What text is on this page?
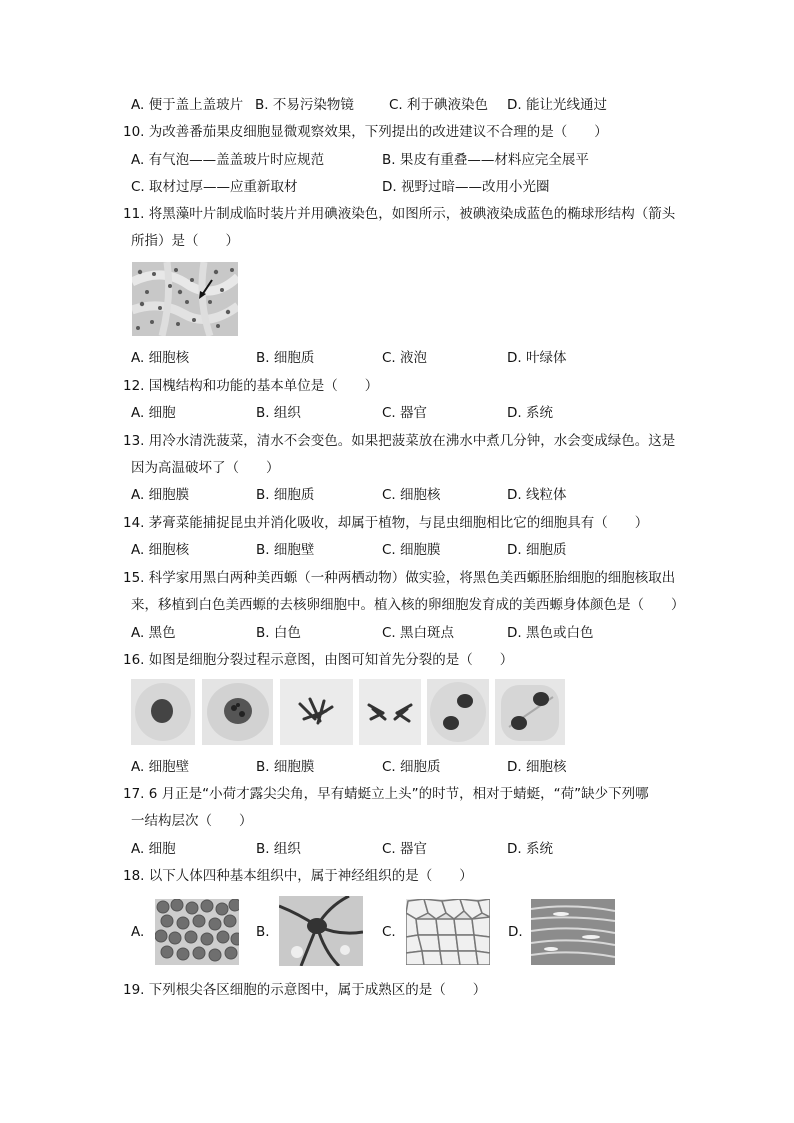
A. 便于盖上盖玻片 B. 不易污染物镜	C. 利于碘液染色 D. 能让光线通过
10. 为改善番茄果皮细胞显微观察效果，下列提出的改进建议不合理的是（　　）
A. 有气泡——盖盖玻片时应规范	B. 果皮有重叠——材料应完全展平
C. 取材过厚——应重新取材	D. 视野过暗——改用小光圈
11. 将黑藻叶片制成临时装片并用碘液染色，如图所示，被碘液染成蓝色的椭球形结构（箭头
所指）是（　　）
A. 细胞核	B. 细胞质	C. 液泡	D. 叶绿体
12. 国槐结构和功能的基本单位是（　　）
A. 细胞	B. 组织	C. 器官	D. 系统
13. 用冷水清洗菠菜，清水不会变色。如果把菠菜放在沸水中煮几分钟，水会变成绿色。这是
因为高温破坏了（　　）
A. 细胞膜	B. 细胞质	C. 细胞核	D. 线粒体
14. 茅膏菜能捕捉昆虫并消化吸收，却属于植物，与昆虫细胞相比它的细胞具有（　　）
A. 细胞核	B. 细胞壁	C. 细胞膜	D. 细胞质
15. 科学家用黑白两种美西螈（一种两栖动物）做实验，将黑色美西螈胚胎细胞的细胞核取出
来，移植到白色美西螈的去核卵细胞中。植入核的卵细胞发育成的美西螈身体颜色是（　　）
A. 黑色	B. 白色	C. 黑白斑点	D. 黑色或白色
16. 如图是细胞分裂过程示意图，由图可知首先分裂的是（　　）
A. 细胞壁	B. 细胞膜	C. 细胞质	D. 细胞核
17. 6 月正是“小荷才露尖尖角，早有蜻蜓立上头”的时节，相对于蜻蜓，“荷”缺少下列哪
一结构层次（　　）
A. 细胞	B. 组织	C. 器官	D. 系统
18. 以下人体四种基本组织中，属于神经组织的是（　　）
A.	B.	C.	D.
19. 下列根尖各区细胞的示意图中，属于成熟区的是（　　）
